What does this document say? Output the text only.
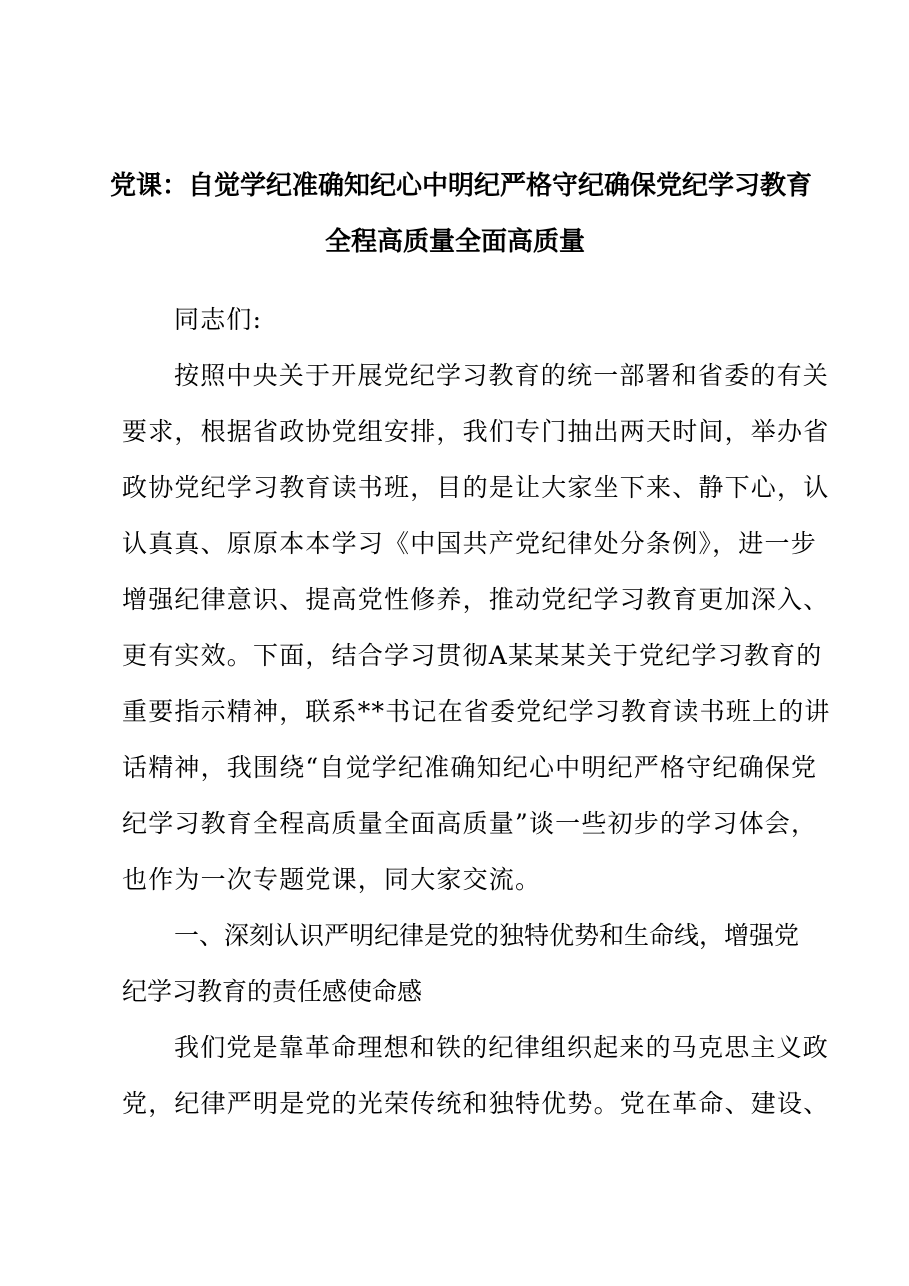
党课：自觉学纪准确知纪心中明纪严格守纪确保党纪学习教育
全程高质量全面高质量
同志们:
按照中央关于开展党纪学习教育的统一部署和省委的有关
要求，根据省政协党组安排，我们专门抽出两天时间，举办省
政协党纪学习教育读书班，目的是让大家坐下来、静下心，认
认真真、原原本本学习《中国共产党纪律处分条例》，进一步
增强纪律意识、提高党性修养，推动党纪学习教育更加深入、
更有实效。下面，结合学习贯彻A某某某关于党纪学习教育的
重要指示精神，联系**书记在省委党纪学习教育读书班上的讲
话精神，我围绕“自觉学纪准确知纪心中明纪严格守纪确保党
纪学习教育全程高质量全面高质量”谈一些初步的学习体会，
也作为一次专题党课，同大家交流。
一、深刻认识严明纪律是党的独特优势和生命线，增强党
纪学习教育的责任感使命感
我们党是靠革命理想和铁的纪律组织起来的马克思主义政
党，纪律严明是党的光荣传统和独特优势。党在革命、建设、
